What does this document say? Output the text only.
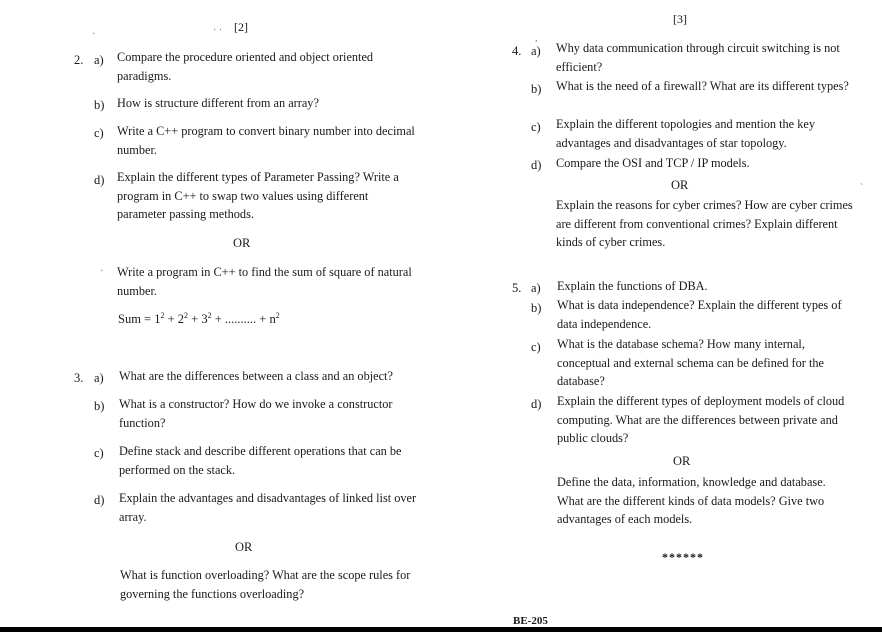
[2]
2. a) Compare the procedure oriented and object oriented paradigms.
b) How is structure different from an array?
c) Write a C++ program to convert binary number into decimal number.
d) Explain the different types of Parameter Passing? Write a program in C++ to swap two values using different parameter passing methods.
OR
Write a program in C++ to find the sum of square of natural number.
Sum = $1^2 + 2^2 + 3^2$ + .......... + $n^2$
3. a) What are the differences between a class and an object?
b) What is a constructor? How do we invoke a constructor function?
c) Define stack and describe different operations that can be performed on the stack.
d) Explain the advantages and disadvantages of linked list over array.
OR
What is function overloading? What are the scope rules for governing the functions overloading?
[3]
4. a) Why data communication through circuit switching is not efficient?
b) What is the need of a firewall? What are its different types?
c) Explain the different topologies and mention the key advantages and disadvantages of star topology.
d) Compare the OSI and TCP / IP models.
OR
Explain the reasons for cyber crimes? How are cyber crimes are different from conventional crimes? Explain different kinds of cyber crimes.
5. a) Explain the functions of DBA.
b) What is data independence? Explain the different types of data independence.
c) What is the database schema? How many internal, conceptual and external schema can be defined for the database?
d) Explain the different types of deployment models of cloud computing. What are the differences between private and public clouds?
OR
Define the data, information, knowledge and database. What are the different kinds of data models? Give two advantages of each models.
******
BE-205
·	· ·
,
`
·
